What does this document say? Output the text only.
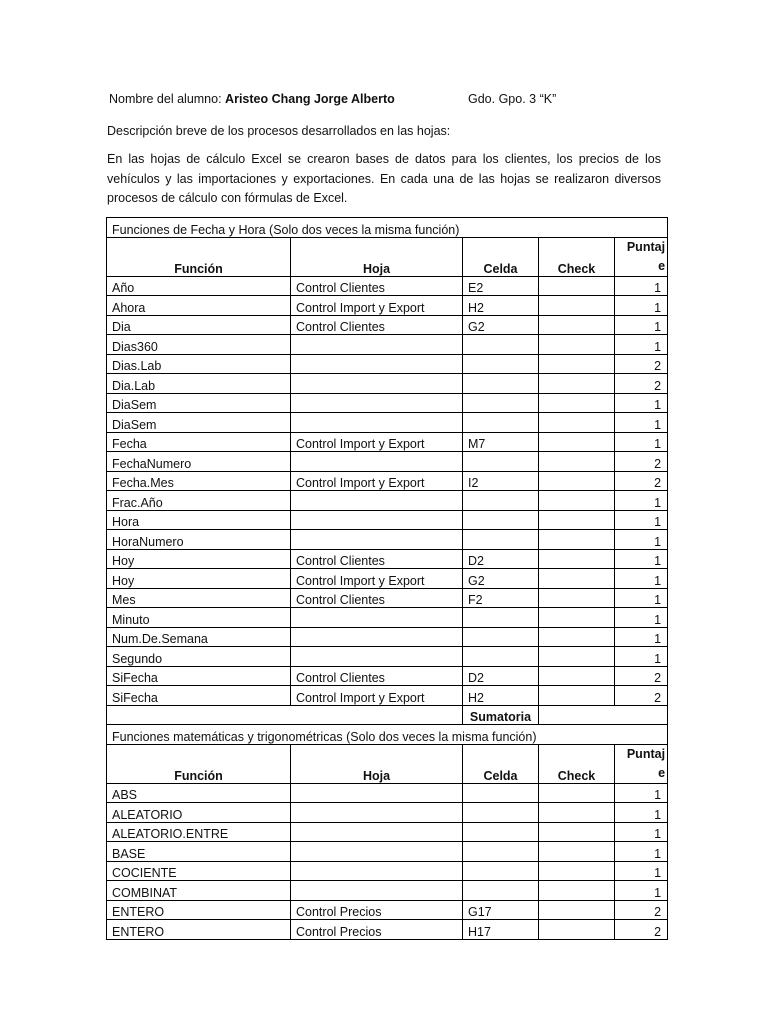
Nombre del alumno: Aristeo Chang Jorge Alberto	Gdo. Gpo. 3 “K”
Descripción breve de los procesos desarrollados en las hojas:
En las hojas de cálculo Excel se crearon bases de datos para los clientes, los precios de los vehículos y las importaciones y exportaciones. En cada una de las hojas se realizaron diversos procesos de cálculo con fórmulas de Excel.
Funciones de Fecha y Hora (Solo dos veces la misma función)				
Función	Hoja	Celda	Check	Puntaj e
Año	Control Clientes	E2		1
Ahora	Control Import y Export	H2		1
Dia	Control Clientes	G2		1
Dias360				1
Dias.Lab				2
Dia.Lab				2
DiaSem				1
DiaSem				1
Fecha	Control Import y Export	M7		1
FechaNumero				2
Fecha.Mes	Control Import y Export	I2		2
Frac.Año				1
Hora				1
HoraNumero				1
Hoy	Control Clientes	D2		1
Hoy	Control Import y Export	G2		1
Mes	Control Clientes	F2		1
Minuto				1
Num.De.Semana				1
Segundo				1
SiFecha	Control Clientes	D2		2
SiFecha	Control Import y Export	H2		2
		Sumatoria		
Funciones matemáticas y trigonométricas (Solo dos veces la misma función)				
Función	Hoja	Celda	Check	Puntaj e
ABS				1
ALEATORIO				1
ALEATORIO.ENTRE				1
BASE				1
COCIENTE				1
COMBINAT				1
ENTERO	Control Precios	G17		2
ENTERO	Control Precios	H17		2
